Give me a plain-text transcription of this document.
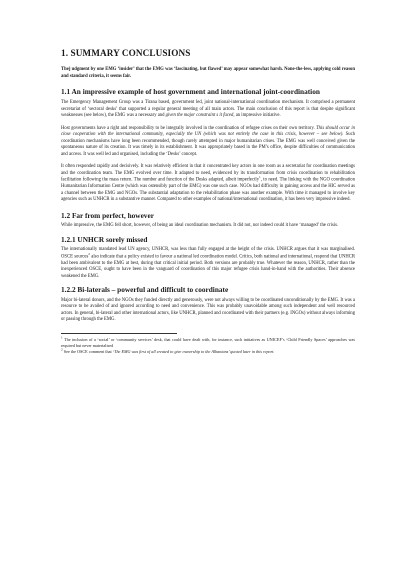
1. SUMMARY CONCLUSIONS

Thej udgment by one EMG ‘insider’ that the EMG was ‘fascinating, but flawed’ may appear somewhat harsh. None-the-less, applying cold reason and standard criteria, it seems fair.

1.1 An impressive example of host government and international joint-coordination

The Emergency Management Group was a Tirana based, government led, joint national-international coordination mechanism. It comprised a permanent secretariat of ‘sectoral desks’ that supported a regular general meeting of all main actors. The main conclusion of this report is that despite significant weaknesses (see below), the EMG was a necessary and given the major constraint s it faced, an impressive initiative.

Host governments have a right and responsibility to be integrally involved in the coordination of refugee crises on their own territory. This should occur in close cooperation with the international community, especially the UN (which was not entirely the case in this crisis, however – see below). Such coordination mechanisms have long been recommended, though rarely attempted in major humanitarian crises. The EMG was well conceived given the spontaneous nature of its creation. It was timely in its establishment. It was appropriately based in the PM’s office, despite difficulties of communication and access. It was well led and organised, including the ‘Desks’ concept.

It often responded rapidly and decisively. It was relatively efficient in that it concentrated key actors in one room as a secretariat for coordination meetings and the coordination team. The EMG evolved over time. It adapted to need, evidenced by its transformation from crisis coordination to rehabilitation facilitation following the mass return. The number and function of the Desks adapted, albeit imperfectly$^1$, to need. The linking with the NGO coordination Humanitarian Information Centre (which was ostensibly part of the EMG) was one such case. NGOs had difficulty in gaining access and the HIC served as a channel between the EMG and NGOs. The substantial adaptation to the rehabilitation phase was another example. With time it managed to involve key agencies such as UNHCR in a substantive manner. Compared to other examples of national/international coordination, it has been very impressive indeed.

1.2 Far from perfect, however

While impressive, the EMG fell short, however, of being an ideal coordination mechanism. It did not, nor indeed could it have ‘managed’ the crisis.

1.2.1 UNHCR sorely missed

The internationally mandated lead UN agency, UNHCR, was less than fully engaged at the height of the crisis. UNHCR argues that it was marginalised. OSCE sources$^2$ also indicate that a policy existed to favour a national led coordination model. Critics, both national and international, respond that UNHCR had been ambivalent to the EMG at best, during that critical initial period. Both versions are probably true. Whatever the reason, UNHCR, rather than the inexperienced OSCE, ought to have been in the vanguard of coordination of this major refugee crisis hand-in-hand with the authorities. Their absence weakened the EMG.

1.2.2 Bi-laterals – powerful and difficult to coordinate

Major bi-lateral donors, and the NGOs they funded directly and generously, were not always willing to be coordinated unconditionally by the EMG. It was a resource to be availed of and ignored according to need and convenience. This was probably unavoidable among such independent and well resourced actors. In general, bi-lateral and other international actors, like UNHCR, planned and coordinated with their partners (e.g. INGOs) without always informing or passing through the EMG.

$^1$ The inclusion of a ‘social’ or ‘community services’ desk, that could have dealt with, for instance, such initiatives as UNICEF’s ‘Child Friendly Spaces’ approaches was required but never materialised

$^2$ See the OSCE comment that ‘The EMG was first of all created to give ownership to the Albanians’ quoted later in this report.
